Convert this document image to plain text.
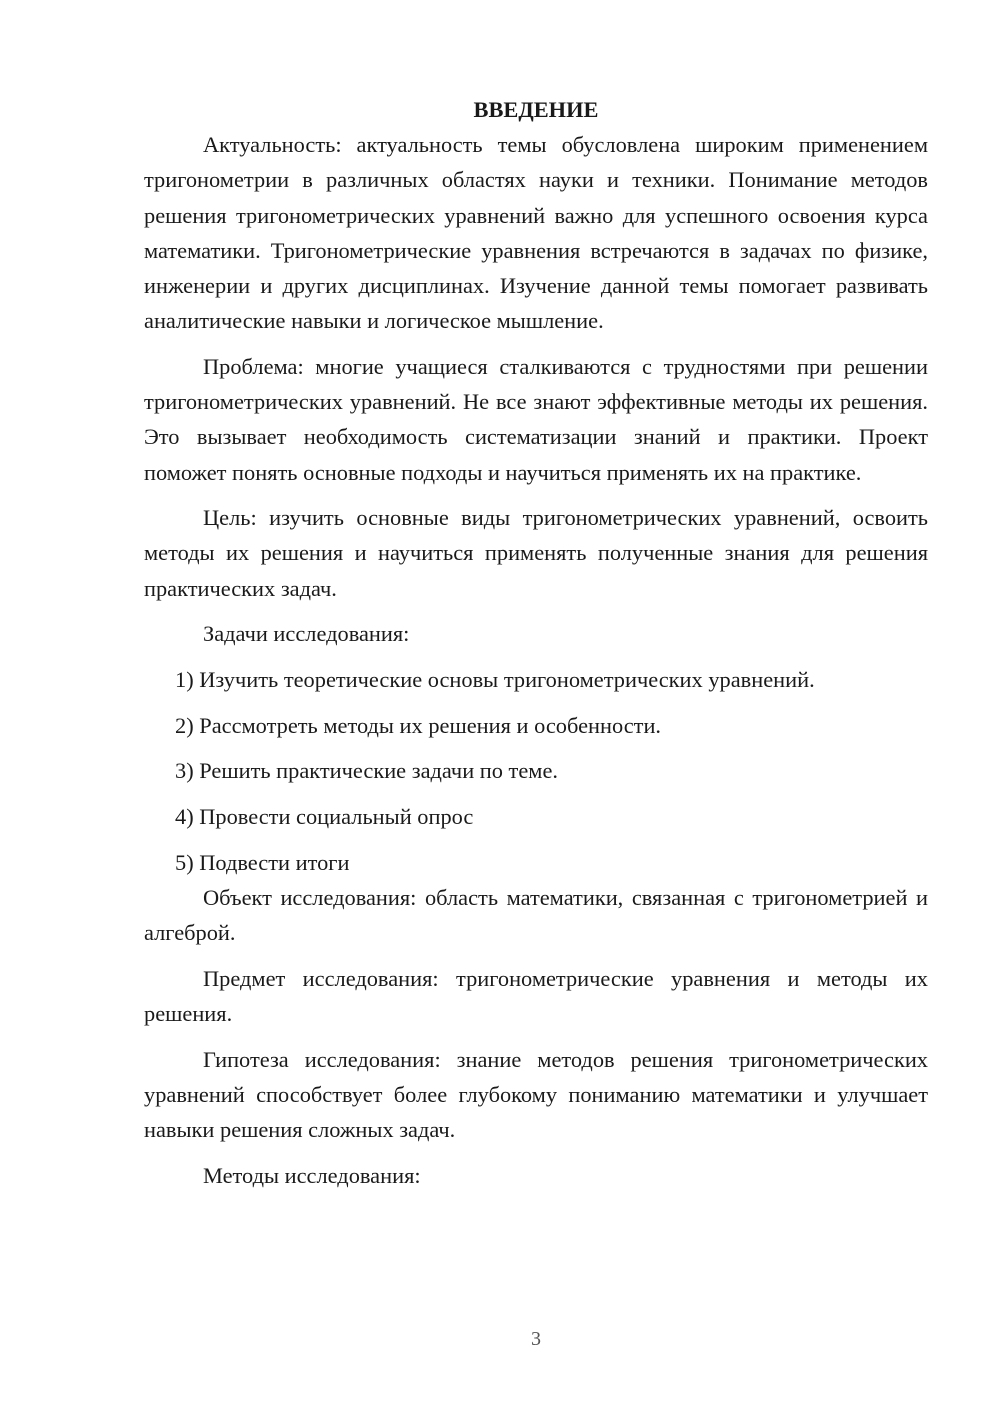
ВВЕДЕНИЕ

Актуальность: актуальность темы обусловлена широким применением тригонометрии в различных областях науки и техники. Понимание методов решения тригонометрических уравнений важно для успешного освоения курса математики. Тригонометрические уравнения встречаются в задачах по физике, инженерии и других дисциплинах. Изучение данной темы помогает развивать аналитические навыки и логическое мышление.

Проблема: многие учащиеся сталкиваются с трудностями при решении тригонометрических уравнений. Не все знают эффективные методы их решения. Это вызывает необходимость систематизации знаний и практики. Проект поможет понять основные подходы и научиться применять их на практике.

Цель: изучить основные виды тригонометрических уравнений, освоить методы их решения и научиться применять полученные знания для решения практических задач.

Задачи исследования:

1) Изучить теоретические основы тригонометрических уравнений.

2) Рассмотреть методы их решения и особенности.

3) Решить практические задачи по теме.

4) Провести социальный опрос

5) Подвести итоги

Объект исследования: область математики, связанная с тригонометрией и алгеброй.

Предмет исследования: тригонометрические уравнения и методы их решения.

Гипотеза исследования: знание методов решения тригонометрических уравнений способствует более глубокому пониманию математики и улучшает навыки решения сложных задач.

Методы исследования:

3
